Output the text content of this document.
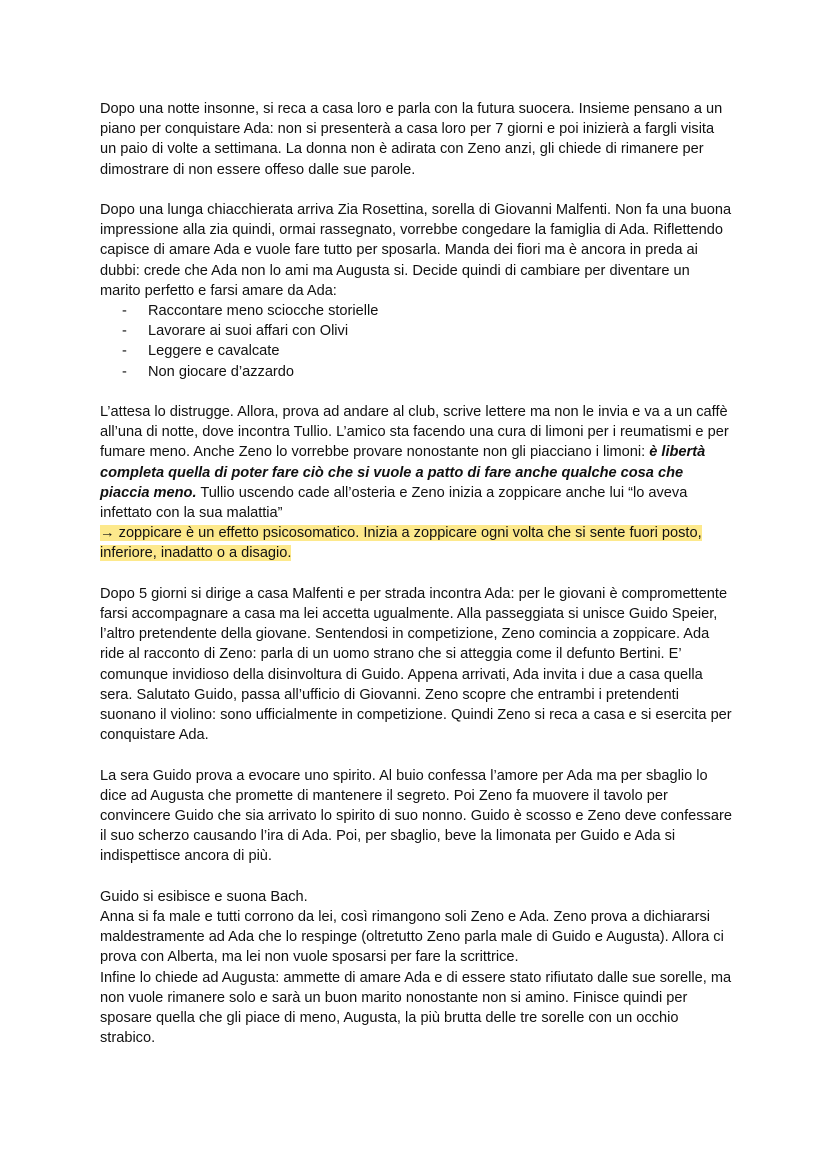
Dopo una notte insonne, si reca a casa loro e parla con la futura suocera. Insieme pensano a un piano per conquistare Ada: non si presenterà a casa loro per 7 giorni e poi inizierà a fargli visita un paio di volte a settimana. La donna non è adirata con Zeno anzi, gli chiede di rimanere per dimostrare di non essere offeso dalle sue parole.

Dopo una lunga chiacchierata arriva Zia Rosettina, sorella di Giovanni Malfenti. Non fa una buona impressione alla zia quindi, ormai rassegnato, vorrebbe congedare la famiglia di Ada. Riflettendo capisce di amare Ada e vuole fare tutto per sposarla. Manda dei fiori ma è ancora in preda ai dubbi: crede che Ada non lo ami ma Augusta si. Decide quindi di cambiare per diventare un marito perfetto e farsi amare da Ada:

- Raccontare meno sciocche storielle
- Lavorare ai suoi affari con Olivi
- Leggere e cavalcate
- Non giocare d’azzardo

L’attesa lo distrugge. Allora, prova ad andare al club, scrive lettere ma non le invia e va a un caffè all’una di notte, dove incontra Tullio. L’amico sta facendo una cura di limoni per i reumatismi e per fumare meno. Anche Zeno lo vorrebbe provare nonostante non gli piacciano i limoni: è libertà completa quella di poter fare ciò che si vuole a patto di fare anche qualche cosa che piaccia meno. Tullio uscendo cade all’osteria e Zeno inizia a zoppicare anche lui “lo aveva infettato con la sua malattia”
→ zoppicare è un effetto psicosomatico. Inizia a zoppicare ogni volta che si sente fuori posto, inferiore, inadatto o a disagio.

Dopo 5 giorni si dirige a casa Malfenti e per strada incontra Ada: per le giovani è compromettente farsi accompagnare a casa ma lei accetta ugualmente. Alla passeggiata si unisce Guido Speier, l’altro pretendente della giovane. Sentendosi in competizione, Zeno comincia a zoppicare. Ada ride al racconto di Zeno: parla di un uomo strano che si atteggia come il defunto Bertini. E’ comunque invidioso della disinvoltura di Guido. Appena arrivati, Ada invita i due a casa quella sera. Salutato Guido, passa all’ufficio di Giovanni. Zeno scopre che entrambi i pretendenti suonano il violino: sono ufficialmente in competizione. Quindi Zeno si reca a casa e si esercita per conquistare Ada.

La sera Guido prova a evocare uno spirito. Al buio confessa l’amore per Ada ma per sbaglio lo dice ad Augusta che promette di mantenere il segreto. Poi Zeno fa muovere il tavolo per convincere Guido che sia arrivato lo spirito di suo nonno. Guido è scosso e Zeno deve confessare il suo scherzo causando l’ira di Ada. Poi, per sbaglio, beve la limonata per Guido e Ada si indispettisce ancora di più.

Guido si esibisce e suona Bach.

Anna si fa male e tutti corrono da lei, così rimangono soli Zeno e Ada. Zeno prova a dichiararsi maldestramente ad Ada che lo respinge (oltretutto Zeno parla male di Guido e Augusta). Allora ci prova con Alberta, ma lei non vuole sposarsi per fare la scrittrice.

Infine lo chiede ad Augusta: ammette di amare Ada e di essere stato rifiutato dalle sue sorelle, ma non vuole rimanere solo e sarà un buon marito nonostante non si amino. Finisce quindi per sposare quella che gli piace di meno, Augusta, la più brutta delle tre sorelle con un occhio strabico.
